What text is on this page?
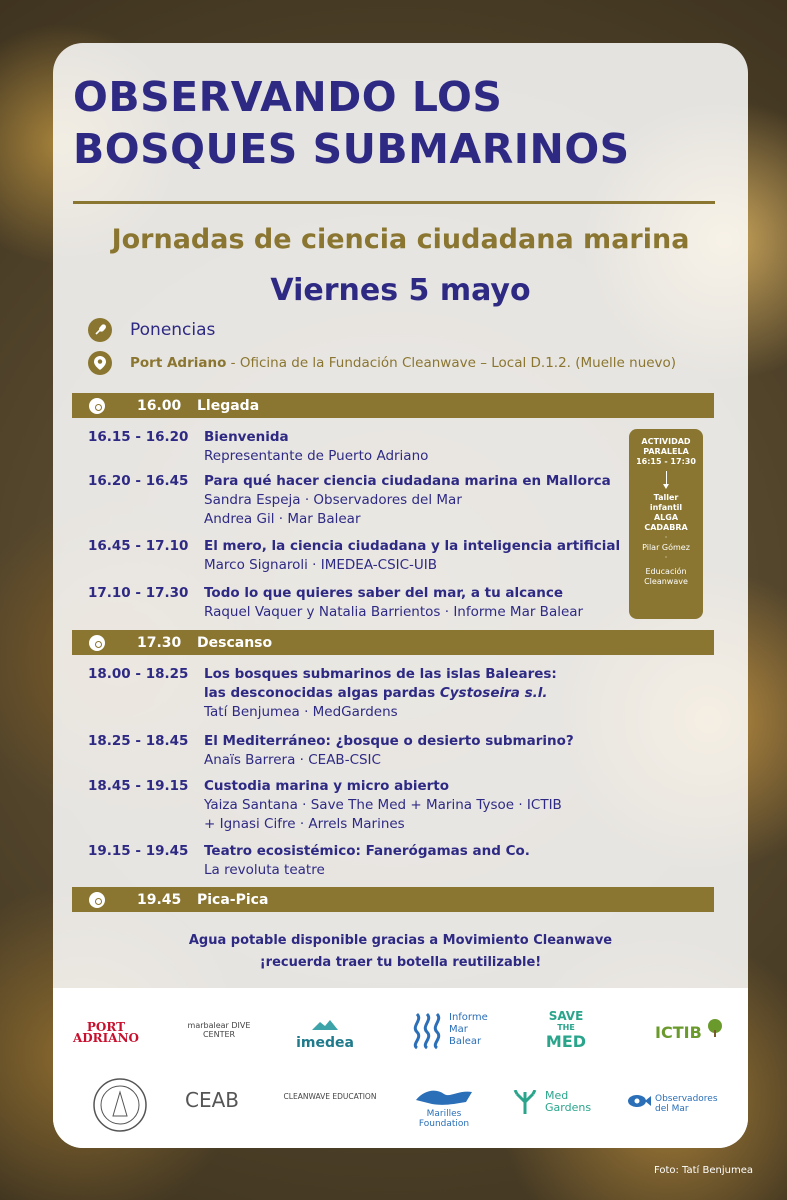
OBSERVANDO LOS BOSQUES SUBMARINOS
Jornadas de ciencia ciudadana marina
Viernes 5 mayo
Ponencias
Port Adriano - Oficina de la Fundación Cleanwave – Local D.1.2. (Muelle nuevo)
16.00	Llegada
16.15 - 16.20	Bienvenida
Representante de Puerto Adriano
16.20 - 16.45	Para qué hacer ciencia ciudadana marina en Mallorca
Sandra Espeja · Observadores del Mar
Andrea Gil · Mar Balear
16.45 - 17.10	El mero, la ciencia ciudadana y la inteligencia artificial
Marco Signaroli · IMEDEA-CSIC-UIB
17.10 - 17.30	Todo lo que quieres saber del mar, a tu alcance
Raquel Vaquer y Natalia Barrientos · Informe Mar Balear
ACTIVIDAD
PARALELA
16:15 - 17:30
Taller
infantil
ALGA
CADABRA
·
Pilar Gómez
·
Educación
Cleanwave
17.30	Descanso
18.00 - 18.25	Los bosques submarinos de las islas Baleares:
las desconocidas algas pardas Cystoseira s.l.
Tatí Benjumea · MedGardens
18.25 - 18.45	El Mediterráneo: ¿bosque o desierto submarino?
Anaïs Barrera · CEAB-CSIC
18.45 - 19.15	Custodia marina y micro abierto
Yaiza Santana · Save The Med + Marina Tysoe · ICTIB
+ Ignasi Cifre · Arrels Marines
19.15 - 19.45	Teatro ecosistémico: Fanerógamas and Co.
La revoluta teatre
19.45	Pica-Pica
Agua potable disponible gracias a Movimiento Cleanwave
¡recuerda traer tu botella reutilizable!
PORT
ADRIANO
marbalear DIVE CENTER
imedea
Informe
Mar
Balear
SAVE
THE
MED	ICTIB
CEAB	CLEANWAVE EDUCATION
Marilles
Foundation
Med
Gardens
Observadores
del Mar
Foto: Tatí Benjumea
